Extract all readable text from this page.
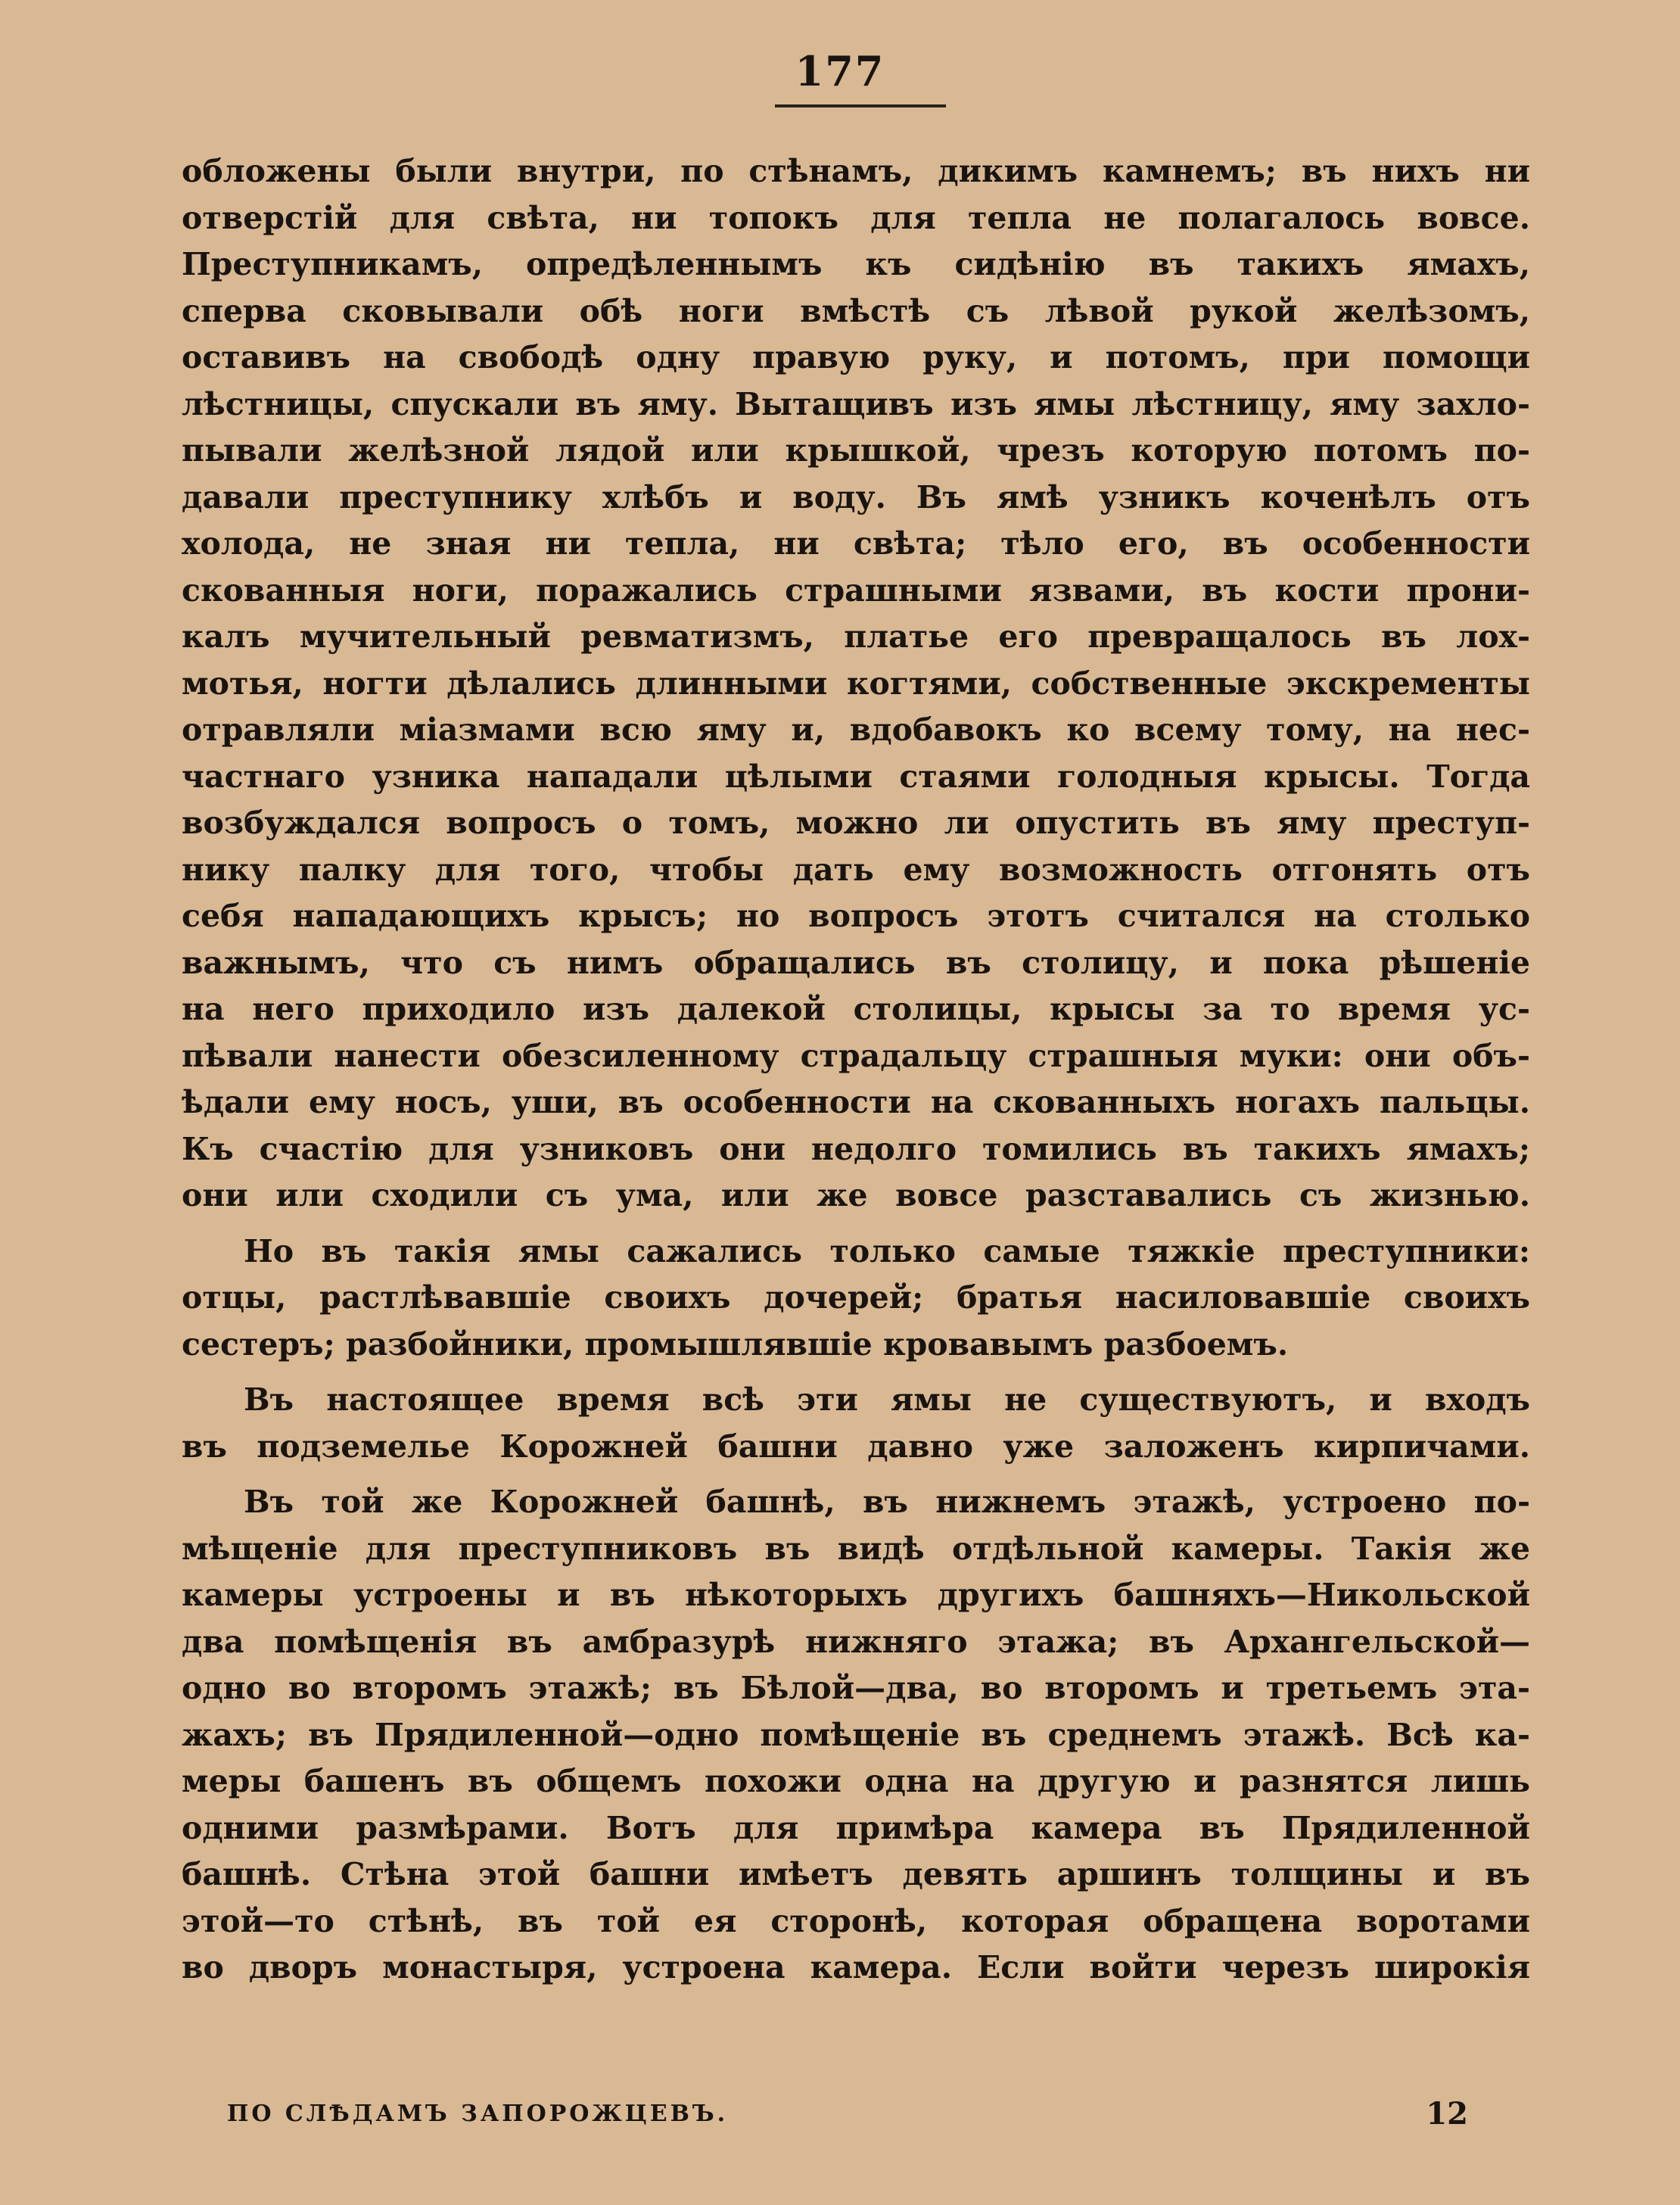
177
обложены были внутри, по стѣнамъ, дикимъ камнемъ; въ нихъ ни
отверстій для свѣта, ни топокъ для тепла не полагалось вовсе.
Преступникамъ, опредѣленнымъ къ сидѣнію въ такихъ ямахъ,
сперва сковывали обѣ ноги вмѣстѣ съ лѣвой рукой желѣзомъ,
оставивъ на свободѣ одну правую руку, и потомъ, при помощи
лѣстницы, спускали въ яму. Вытащивъ изъ ямы лѣстницу, яму захло-
пывали желѣзной лядой или крышкой, чрезъ которую потомъ по-
давали преступнику хлѣбъ и воду. Въ ямѣ узникъ коченѣлъ отъ
холода, не зная ни тепла, ни свѣта; тѣло его, въ особенности
скованныя ноги, поражались страшными язвами, въ кости прони-
калъ мучительный ревматизмъ, платье его превращалось въ лох-
мотья, ногти дѣлались длинными когтями, собственные экскременты
отравляли міазмами всю яму и, вдобавокъ ко всему тому, на нес-
частнаго узника нападали цѣлыми стаями голодныя крысы. Тогда
возбуждался вопросъ о томъ, можно ли опустить въ яму преступ-
нику палку для того, чтобы дать ему возможность отгонять отъ
себя нападающихъ крысъ; но вопросъ этотъ считался на столько
важнымъ, что съ нимъ обращались въ столицу, и пока рѣшеніе
на него приходило изъ далекой столицы, крысы за то время ус-
пѣвали нанести обезсиленному страдальцу страшныя муки: они объ-
ѣдали ему носъ, уши, въ особенности на скованныхъ ногахъ пальцы.
Къ счастію для узниковъ они недолго томились въ такихъ ямахъ;
они или сходили съ ума, или же вовсе разставались съ жизнью.
Но въ такія ямы сажались только самые тяжкіе преступники:
отцы, растлѣвавшіе своихъ дочерей; братья насиловавшіе своихъ
сестеръ; разбойники, промышлявшіе кровавымъ разбоемъ.
Въ настоящее время всѣ эти ямы не существуютъ, и входъ
въ подземелье Корожней башни давно уже заложенъ кирпичами.
Въ той же Корожней башнѣ, въ нижнемъ этажѣ, устроено по-
мѣщеніе для преступниковъ въ видѣ отдѣльной камеры. Такія же
камеры устроены и въ нѣкоторыхъ другихъ башняхъ—Никольской
два помѣщенія въ амбразурѣ нижняго этажа; въ Архангельской—
одно во второмъ этажѣ; въ Бѣлой—два, во второмъ и третьемъ эта-
жахъ; въ Прядиленной—одно помѣщеніе въ среднемъ этажѣ. Всѣ ка-
меры башенъ въ общемъ похожи одна на другую и разнятся лишь
одними размѣрами. Вотъ для примѣра камера въ Прядиленной
башнѣ. Стѣна этой башни имѣетъ девять аршинъ толщины и въ
этой—то стѣнѣ, въ той ея сторонѣ, которая обращена воротами
во дворъ монастыря, устроена камера. Если войти черезъ широкія
ПО СЛѢДАМЪ ЗАПОРОЖЦЕВЪ.	12
